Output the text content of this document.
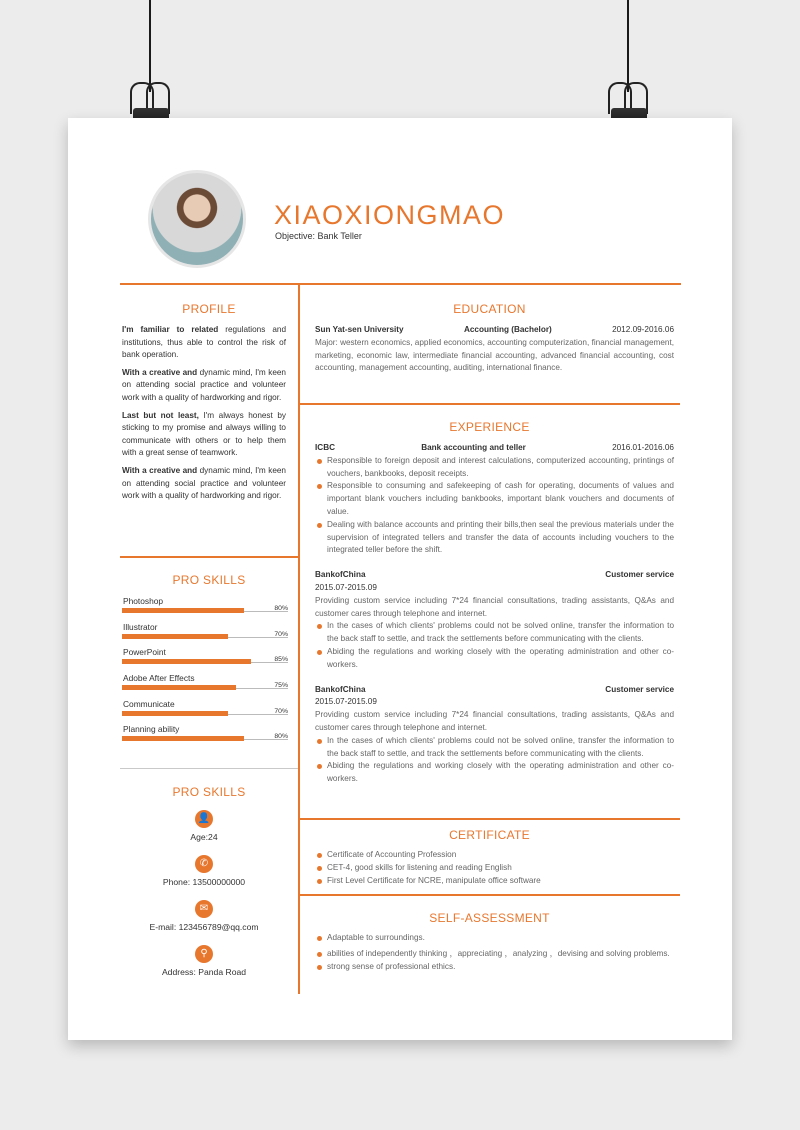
XIAOXIONGMAO
Objective: Bank Teller
PROFILE

I'm familiar to related regulations and institutions, thus able to control the risk of bank operation.

With a creative and dynamic mind, I'm keen on attending social practice and volunteer work with a quality of hardworking and rigor.

Last but not least, I'm always honest by sticking to my promise and always willing to communicate with others or to help them with a great sense of teamwork.

With a creative and dynamic mind, I'm keen on attending social practice and volunteer work with a quality of hardworking and rigor.

PRO SKILLS
Photoshop
80%
Illustrator
70%
PowerPoint
85%
Adobe After Effects
75%
Communicate
70%
Planning ability
80%
PRO SKILLS
👤
Age:24
✆
Phone: 13500000000
✉
E-mail: 123456789@qq.com
⚲
Address: Panda Road
EDUCATION
Sun Yat-sen University	Accounting (Bachelor)	2012.09-2016.06
Major: western economics, applied economics, accounting computerization, financial management, marketing, economic law, intermediate financial accounting, advanced financial accounting, cost accounting, management accounting, auditing, international finance.
EXPERIENCE
ICBC	Bank accounting and teller	2016.01-2016.06
Responsible to foreign deposit and interest calculations, computerized accounting, printings of vouchers, bankbooks, deposit receipts.
Responsible to consuming and safekeeping of cash for operating, documents of values and important blank vouchers including bankbooks, important blank vouchers and documents of value.
Dealing with balance accounts and printing their bills,then seal the previous materials under the supervision of integrated tellers and transfer the data of accounts including vouchers to the integrated teller before the shift.
Bank of China	Customer service
2015.07-2015.09
Providing custom service including 7*24 financial consultations, trading assistants, Q&As and customer cares through telephone and internet.
In the cases of which clients' problems could not be solved online, transfer the information to the back staff to settle, and track the settlements before communicating with the clients.
Abiding the regulations and working closely with the operating administration and other co-workers.
Bank of China	Customer service
2015.07-2015.09
Providing custom service including 7*24 financial consultations, trading assistants, Q&As and customer cares through telephone and internet.
In the cases of which clients' problems could not be solved online, transfer the information to the back staff to settle, and track the settlements before communicating with the clients.
Abiding the regulations and working closely with the operating administration and other co-workers.
CERTIFICATE
Certificate of Accounting Profession
CET-4, good skills for listening and reading English
First Level Certificate for NCRE, manipulate office software
SELF-ASSESSMENT
Adaptable to surroundings.
abilities of independently thinking ，appreciating ，analyzing ，devising and solving problems.
strong sense of professional ethics.
